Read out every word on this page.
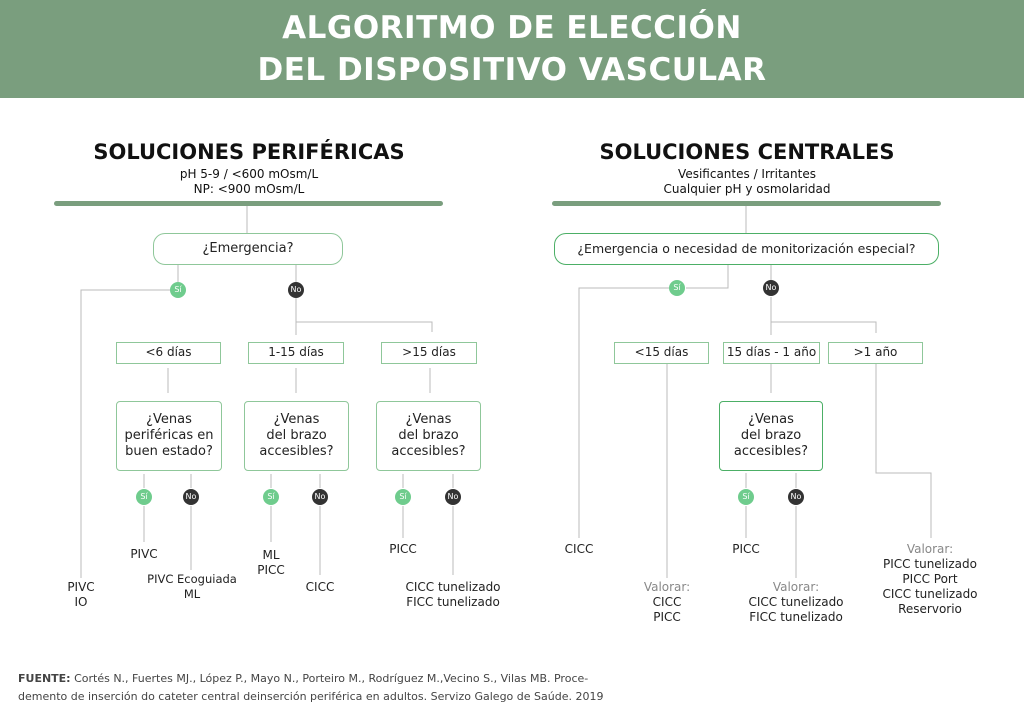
ALGORITMO DE ELECCIÓN
DEL DISPOSITIVO VASCULAR
SOLUCIONES PERIFÉRICAS
pH 5-9 / <600 mOsm/L
NP: <900 mOsm/L
¿Emergencia?
Sí	No
<6 días	1-15 días	>15 días
¿Venas
periféricas en
buen estado?
¿Venas
del brazo
accesibles?
¿Venas
del brazo
accesibles?
Sí	No	Sí	No	Sí	No
PIVC
IO
PIVC
PIVC Ecoguiada
ML
ML
PICC
CICC
PICC
CICC tunelizado
FICC tunelizado
SOLUCIONES CENTRALES
Vesificantes / Irritantes
Cualquier pH y osmolaridad
¿Emergencia o necesidad de monitorización especial?
Sí	No
<15 días	15 días - 1 año	>1 año
¿Venas
del brazo
accesibles?
Sí	No
CICC
Valorar:
CICC
PICC
PICC
Valorar:
CICC tunelizado
FICC tunelizado
Valorar:
PICC tunelizado
PICC Port
CICC tunelizado
Reservorio
FUENTE: Cortés N., Fuertes MJ., López P., Mayo N., Porteiro M., Rodríguez M.,Vecino S., Vilas MB. Proce-
demento de inserción do cateter central deinserción periférica en adultos. Servizo Galego de Saúde. 2019
